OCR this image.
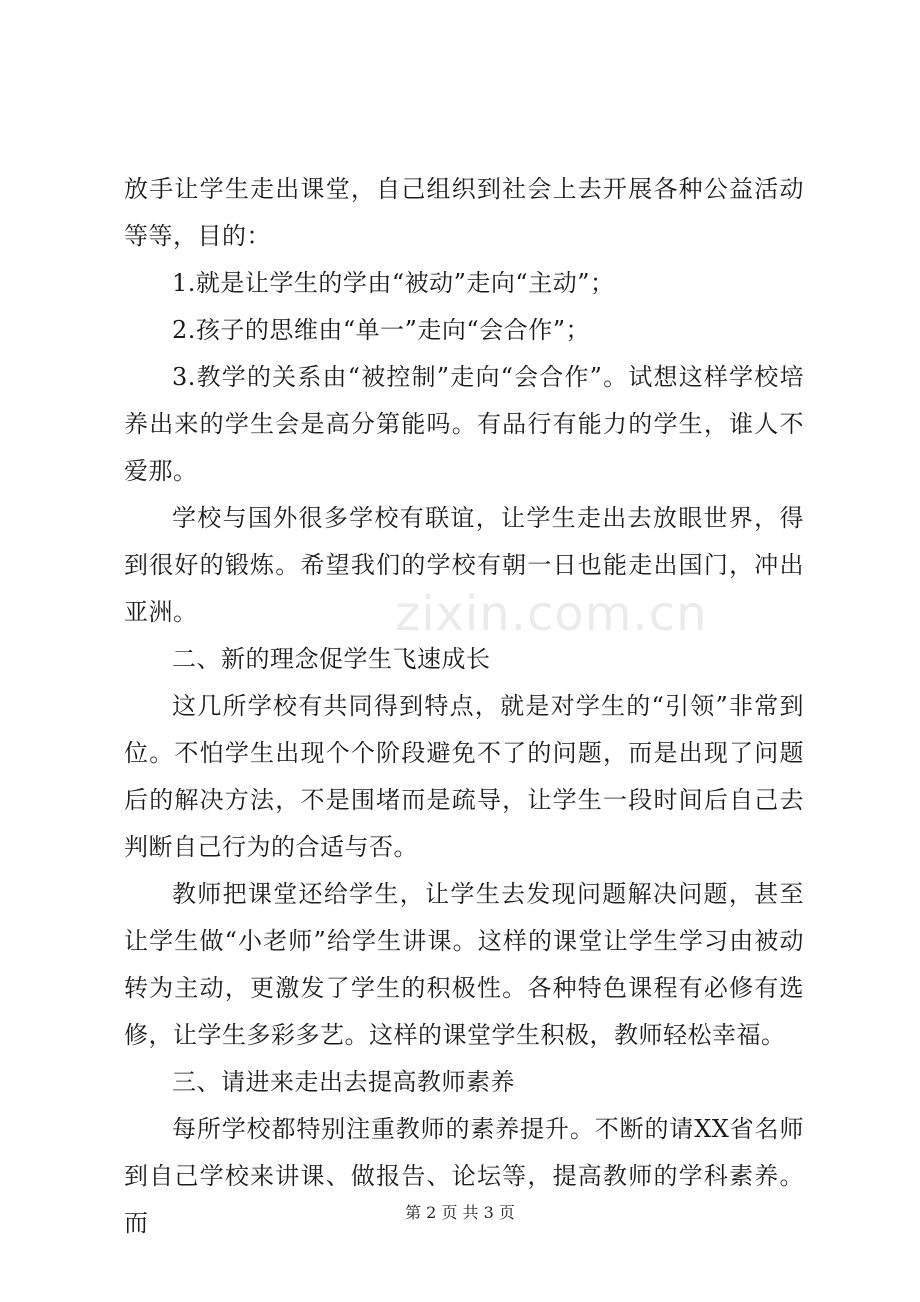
放手让学生走出课堂，自己组织到社会上去开展各种公益活动等等，目的：

1.就是让学生的学由“被动”走向“主动”；

2.孩子的思维由“单一”走向“会合作”；

3.教学的关系由“被控制”走向“会合作”。试想这样学校培养出来的学生会是高分第能吗。有品行有能力的学生，谁人不爱那。

学校与国外很多学校有联谊，让学生走出去放眼世界，得到很好的锻炼。希望我们的学校有朝一日也能走出国门，冲出亚洲。

二、新的理念促学生飞速成长

这几所学校有共同得到特点，就是对学生的“引领”非常到位。不怕学生出现个个阶段避免不了的问题，而是出现了问题后的解决方法，不是围堵而是疏导，让学生一段时间后自己去判断自己行为的合适与否。

教师把课堂还给学生，让学生去发现问题解决问题，甚至让学生做“小老师”给学生讲课。这样的课堂让学生学习由被动转为主动，更激发了学生的积极性。各种特色课程有必修有选修，让学生多彩多艺。这样的课堂学生积极，教师轻松幸福。

三、请进来走出去提高教师素养

每所学校都特别注重教师的素养提升。不断的请XX省名师到自己学校来讲课、做报告、论坛等，提高教师的学科素养。而

zixin.com.cn
第 2 页 共 3 页
